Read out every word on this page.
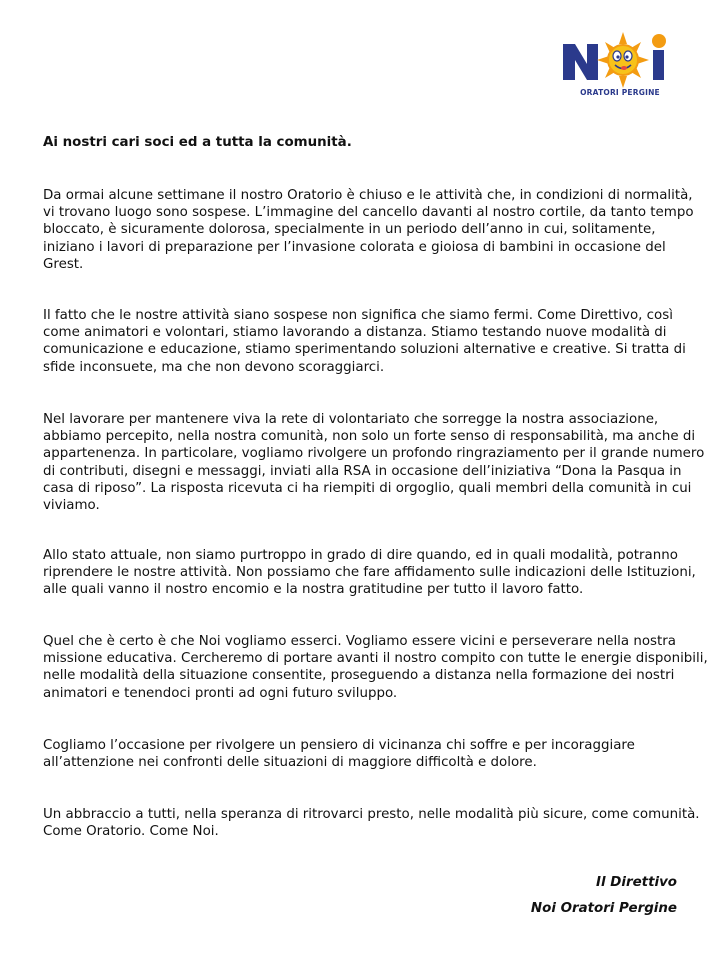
ORATORI PERGINE

Ai nostri cari soci ed a tutta la comunità.

Da ormai alcune settimane il nostro Oratorio è chiuso e le attività che, in condizioni di normalità,
vi trovano luogo sono sospese. L’immagine del cancello davanti al nostro cortile, da tanto tempo
bloccato, è sicuramente dolorosa, specialmente in un periodo dell’anno in cui, solitamente,
iniziano i lavori di preparazione per l’invasione colorata e gioiosa di bambini in occasione del
Grest.
Il fatto che le nostre attività siano sospese non significa che siamo fermi. Come Direttivo, così
come animatori e volontari, stiamo lavorando a distanza. Stiamo testando nuove modalità di
comunicazione e educazione, stiamo sperimentando soluzioni alternative e creative. Si tratta di
sfide inconsuete, ma che non devono scoraggiarci.
Nel lavorare per mantenere viva la rete di volontariato che sorregge la nostra associazione,
abbiamo percepito, nella nostra comunità, non solo un forte senso di responsabilità, ma anche di
appartenenza. In particolare, vogliamo rivolgere un profondo ringraziamento per il grande numero
di contributi, disegni e messaggi, inviati alla RSA in occasione dell’iniziativa “Dona la Pasqua in
casa di riposo”. La risposta ricevuta ci ha riempiti di orgoglio, quali membri della comunità in cui
viviamo.
Allo stato attuale, non siamo purtroppo in grado di dire quando, ed in quali modalità, potranno
riprendere le nostre attività. Non possiamo che fare affidamento sulle indicazioni delle Istituzioni,
alle quali vanno il nostro encomio e la nostra gratitudine per tutto il lavoro fatto.
Quel che è certo è che Noi vogliamo esserci. Vogliamo essere vicini e perseverare nella nostra
missione educativa. Cercheremo di portare avanti il nostro compito con tutte le energie disponibili,
nelle modalità della situazione consentite, proseguendo a distanza nella formazione dei nostri
animatori e tenendoci pronti ad ogni futuro sviluppo.
Cogliamo l’occasione per rivolgere un pensiero di vicinanza chi soffre e per incoraggiare
all’attenzione nei confronti delle situazioni di maggiore difficoltà e dolore.
Un abbraccio a tutti, nella speranza di ritrovarci presto, nelle modalità più sicure, come comunità.
Come Oratorio. Come Noi.

Il Direttivo

Noi Oratori Pergine
